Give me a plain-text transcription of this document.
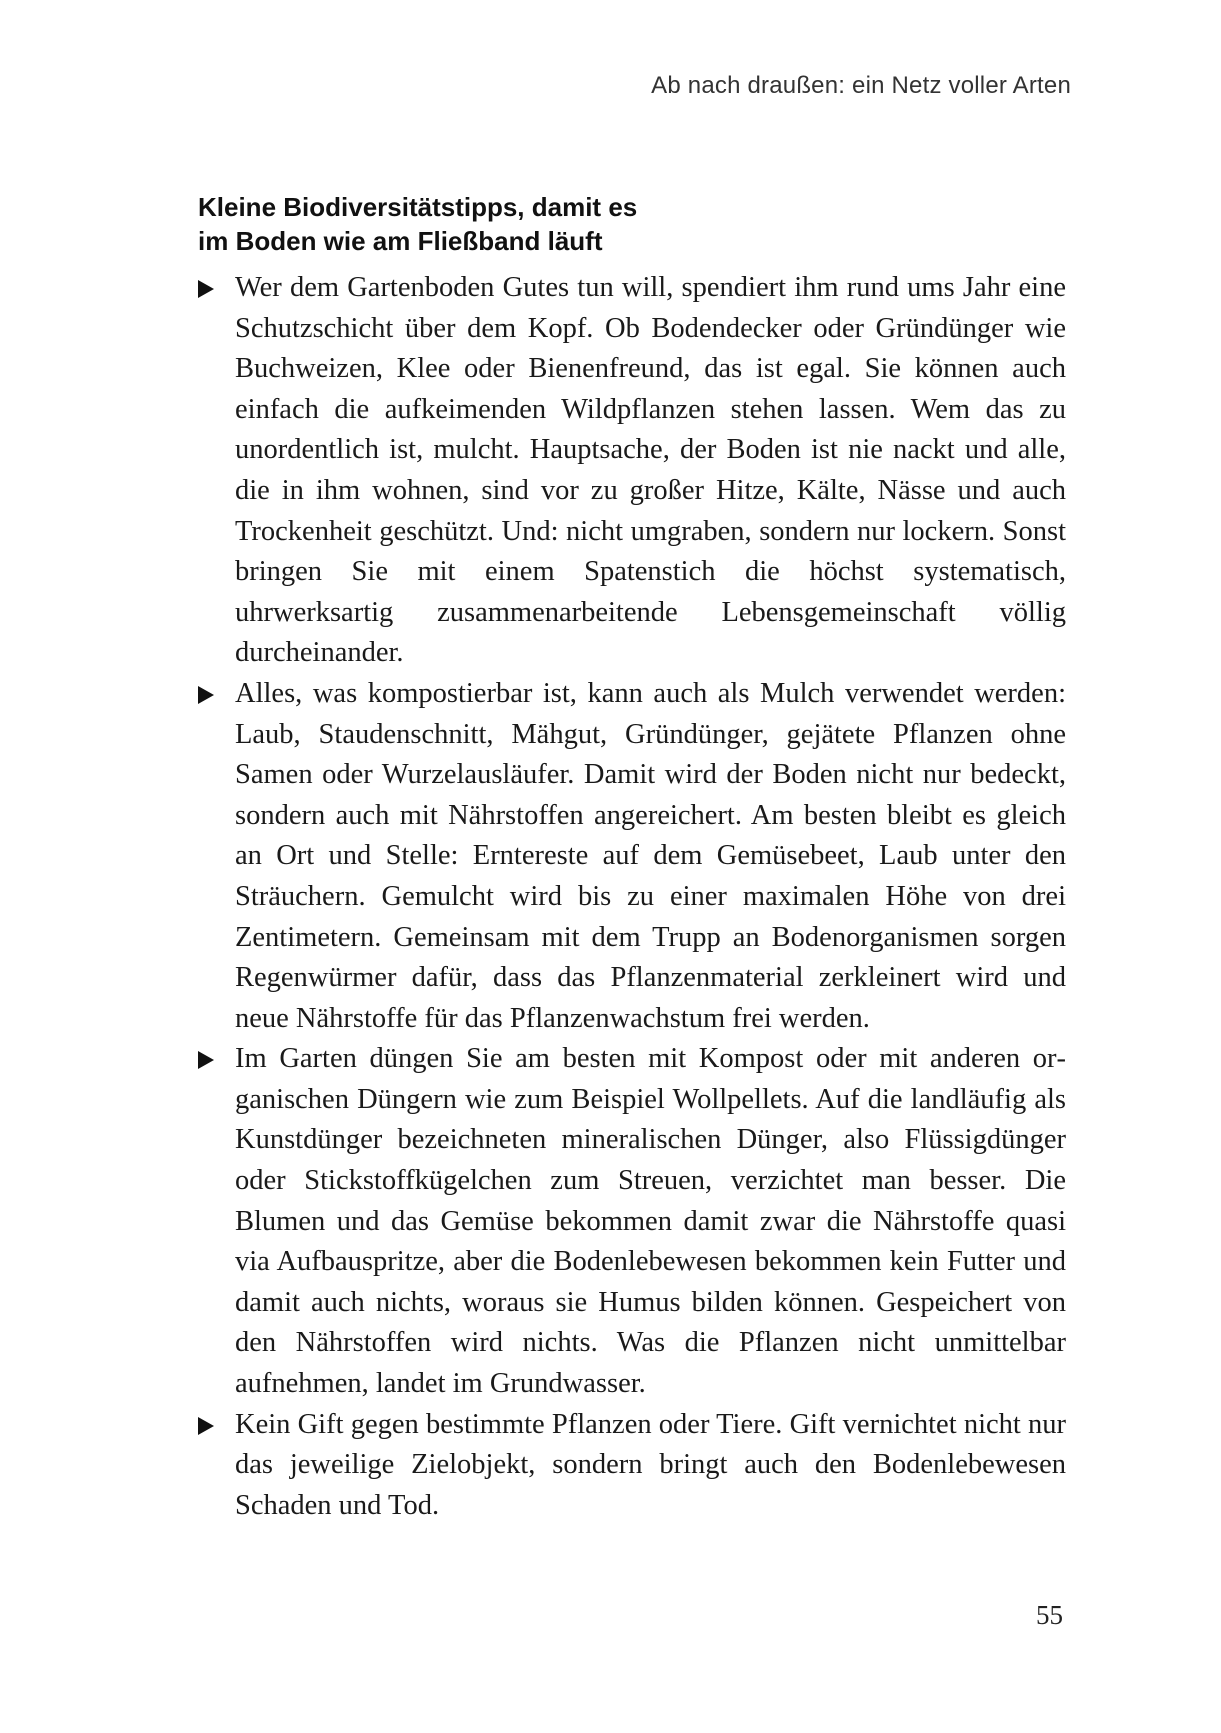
Ab nach draußen: ein Netz voller Arten
Kleine Biodiversitätstipps, damit es
im Boden wie am Fließband läuft
Wer dem Gartenboden Gutes tun will, spendiert ihm rund ums Jahr eine Schutzschicht über dem Kopf. Ob Bodendecker oder Gründünger wie Buchweizen, Klee oder Bienenfreund, das ist egal. Sie können auch einfach die aufkeimenden Wildpflanzen stehen lassen. Wem das zu unordentlich ist, mulcht. Hauptsache, der Boden ist nie nackt und alle, die in ihm wohnen, sind vor zu großer Hitze, Kälte, Nässe und auch Trockenheit geschützt. Und: nicht umgraben, sondern nur lockern. Sonst bringen Sie mit einem Spatenstich die höchst systematisch, uhrwerksartig zusammenarbeitende Lebensgemeinschaft völlig durcheinander.
Alles, was kompostierbar ist, kann auch als Mulch verwendet werden: Laub, Staudenschnitt, Mähgut, Gründünger, gejätete Pflanzen ohne Samen oder Wurzelausläufer. Damit wird der Boden nicht nur bedeckt, sondern auch mit Nährstoffen angereichert. Am besten bleibt es gleich an Ort und Stelle: Erntereste auf dem Gemüsebeet, Laub unter den Sträuchern. Gemulcht wird bis zu einer maximalen Höhe von drei Zentimetern. Gemeinsam mit dem Trupp an Bodenorganismen sorgen Regenwürmer dafür, dass das Pflanzenmaterial zerkleinert wird und neue Nährstoffe für das Pflanzenwachstum frei werden.
Im Garten düngen Sie am besten mit Kompost oder mit anderen organischen Düngern wie zum Beispiel Wollpellets. Auf die landläufig als Kunstdünger bezeichneten mineralischen Dünger, also Flüssigdünger oder Stickstoffkügelchen zum Streuen, verzichtet man besser. Die Blumen und das Gemüse bekommen damit zwar die Nährstoffe quasi via Aufbauspritze, aber die Bodenlebewesen bekommen kein Futter und damit auch nichts, woraus sie Humus bilden können. Gespeichert von den Nährstoffen wird nichts. Was die Pflanzen nicht unmittelbar aufnehmen, landet im Grundwasser.
Kein Gift gegen bestimmte Pflanzen oder Tiere. Gift vernichtet nicht nur das jeweilige Zielobjekt, sondern bringt auch den Bodenlebewesen Schaden und Tod.
55
